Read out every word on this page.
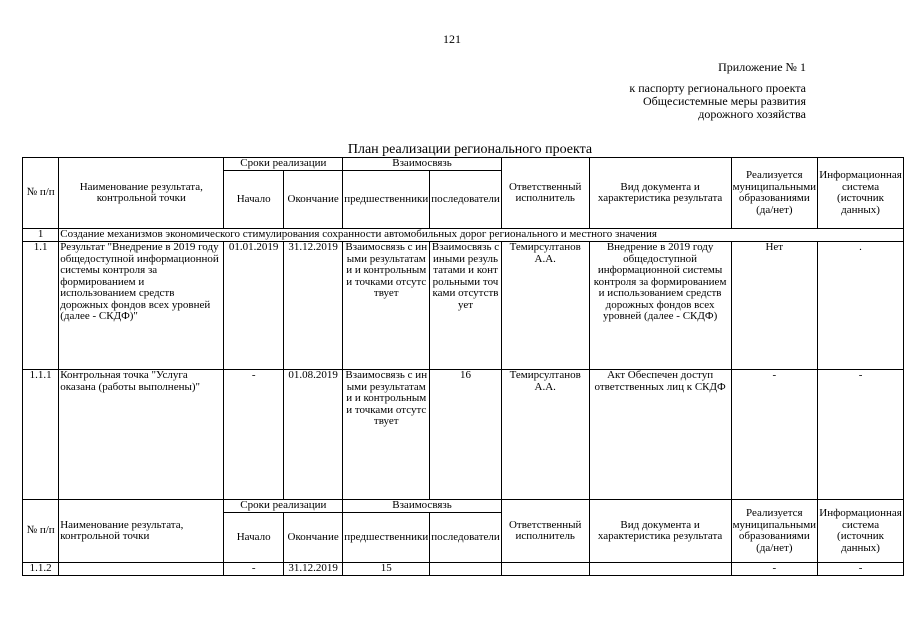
121
Приложение № 1
к паспорту регионального проекта
Общесистемные меры развития
дорожного хозяйства
План реализации регионального проекта
№ п/п	Наименование результата, контрольной точки	Сроки реализации		Взаимосвязь		Ответственный исполнитель	Вид документа и характеристика результата	Реализуется муниципальными образованиями (да/нет)	Информационная система (источник данных)
		Начало	Окончание	предшественники	последователи				
1	Создание механизмов экономического стимулирования сохранности автомобильных дорог регионального и местного значения								
1.1	Результат "Внедрение в 2019 году общедоступной информационной системы контроля за формированием и использованием средств дорожных фондов всех уровней (далее - СКДФ)"	01.01.2019	31.12.2019	Взаимосвязь с иными результатами и контрольными точками отсутствует	Взаимосвязь с иными результатами и контрольными точками отсутствует	Темирсултанов А.А.	Внедрение в 2019 году общедоступной информационной системы контроля за формированием и использованием средств дорожных фондов всех уровней (далее - СКДФ)	Нет	.
1.1.1	Контрольная точка "Услуга оказана (работы выполнены)"	-	01.08.2019	Взаимосвязь с иными результатами и контрольными точками отсутствует	16	Темирсултанов А.А.	Акт Обеспечен доступ ответственных лиц к СКДФ	-	-
№ п/п	Наименование результата, контрольной точки	Сроки реализации		Взаимосвязь		Ответственный исполнитель	Вид документа и характеристика результата	Реализуется муниципальными образованиями (да/нет)	Информационная система (источник данных)
		Начало	Окончание	предшественники	последователи				
1.1.2		-	31.12.2019	15				-	-
